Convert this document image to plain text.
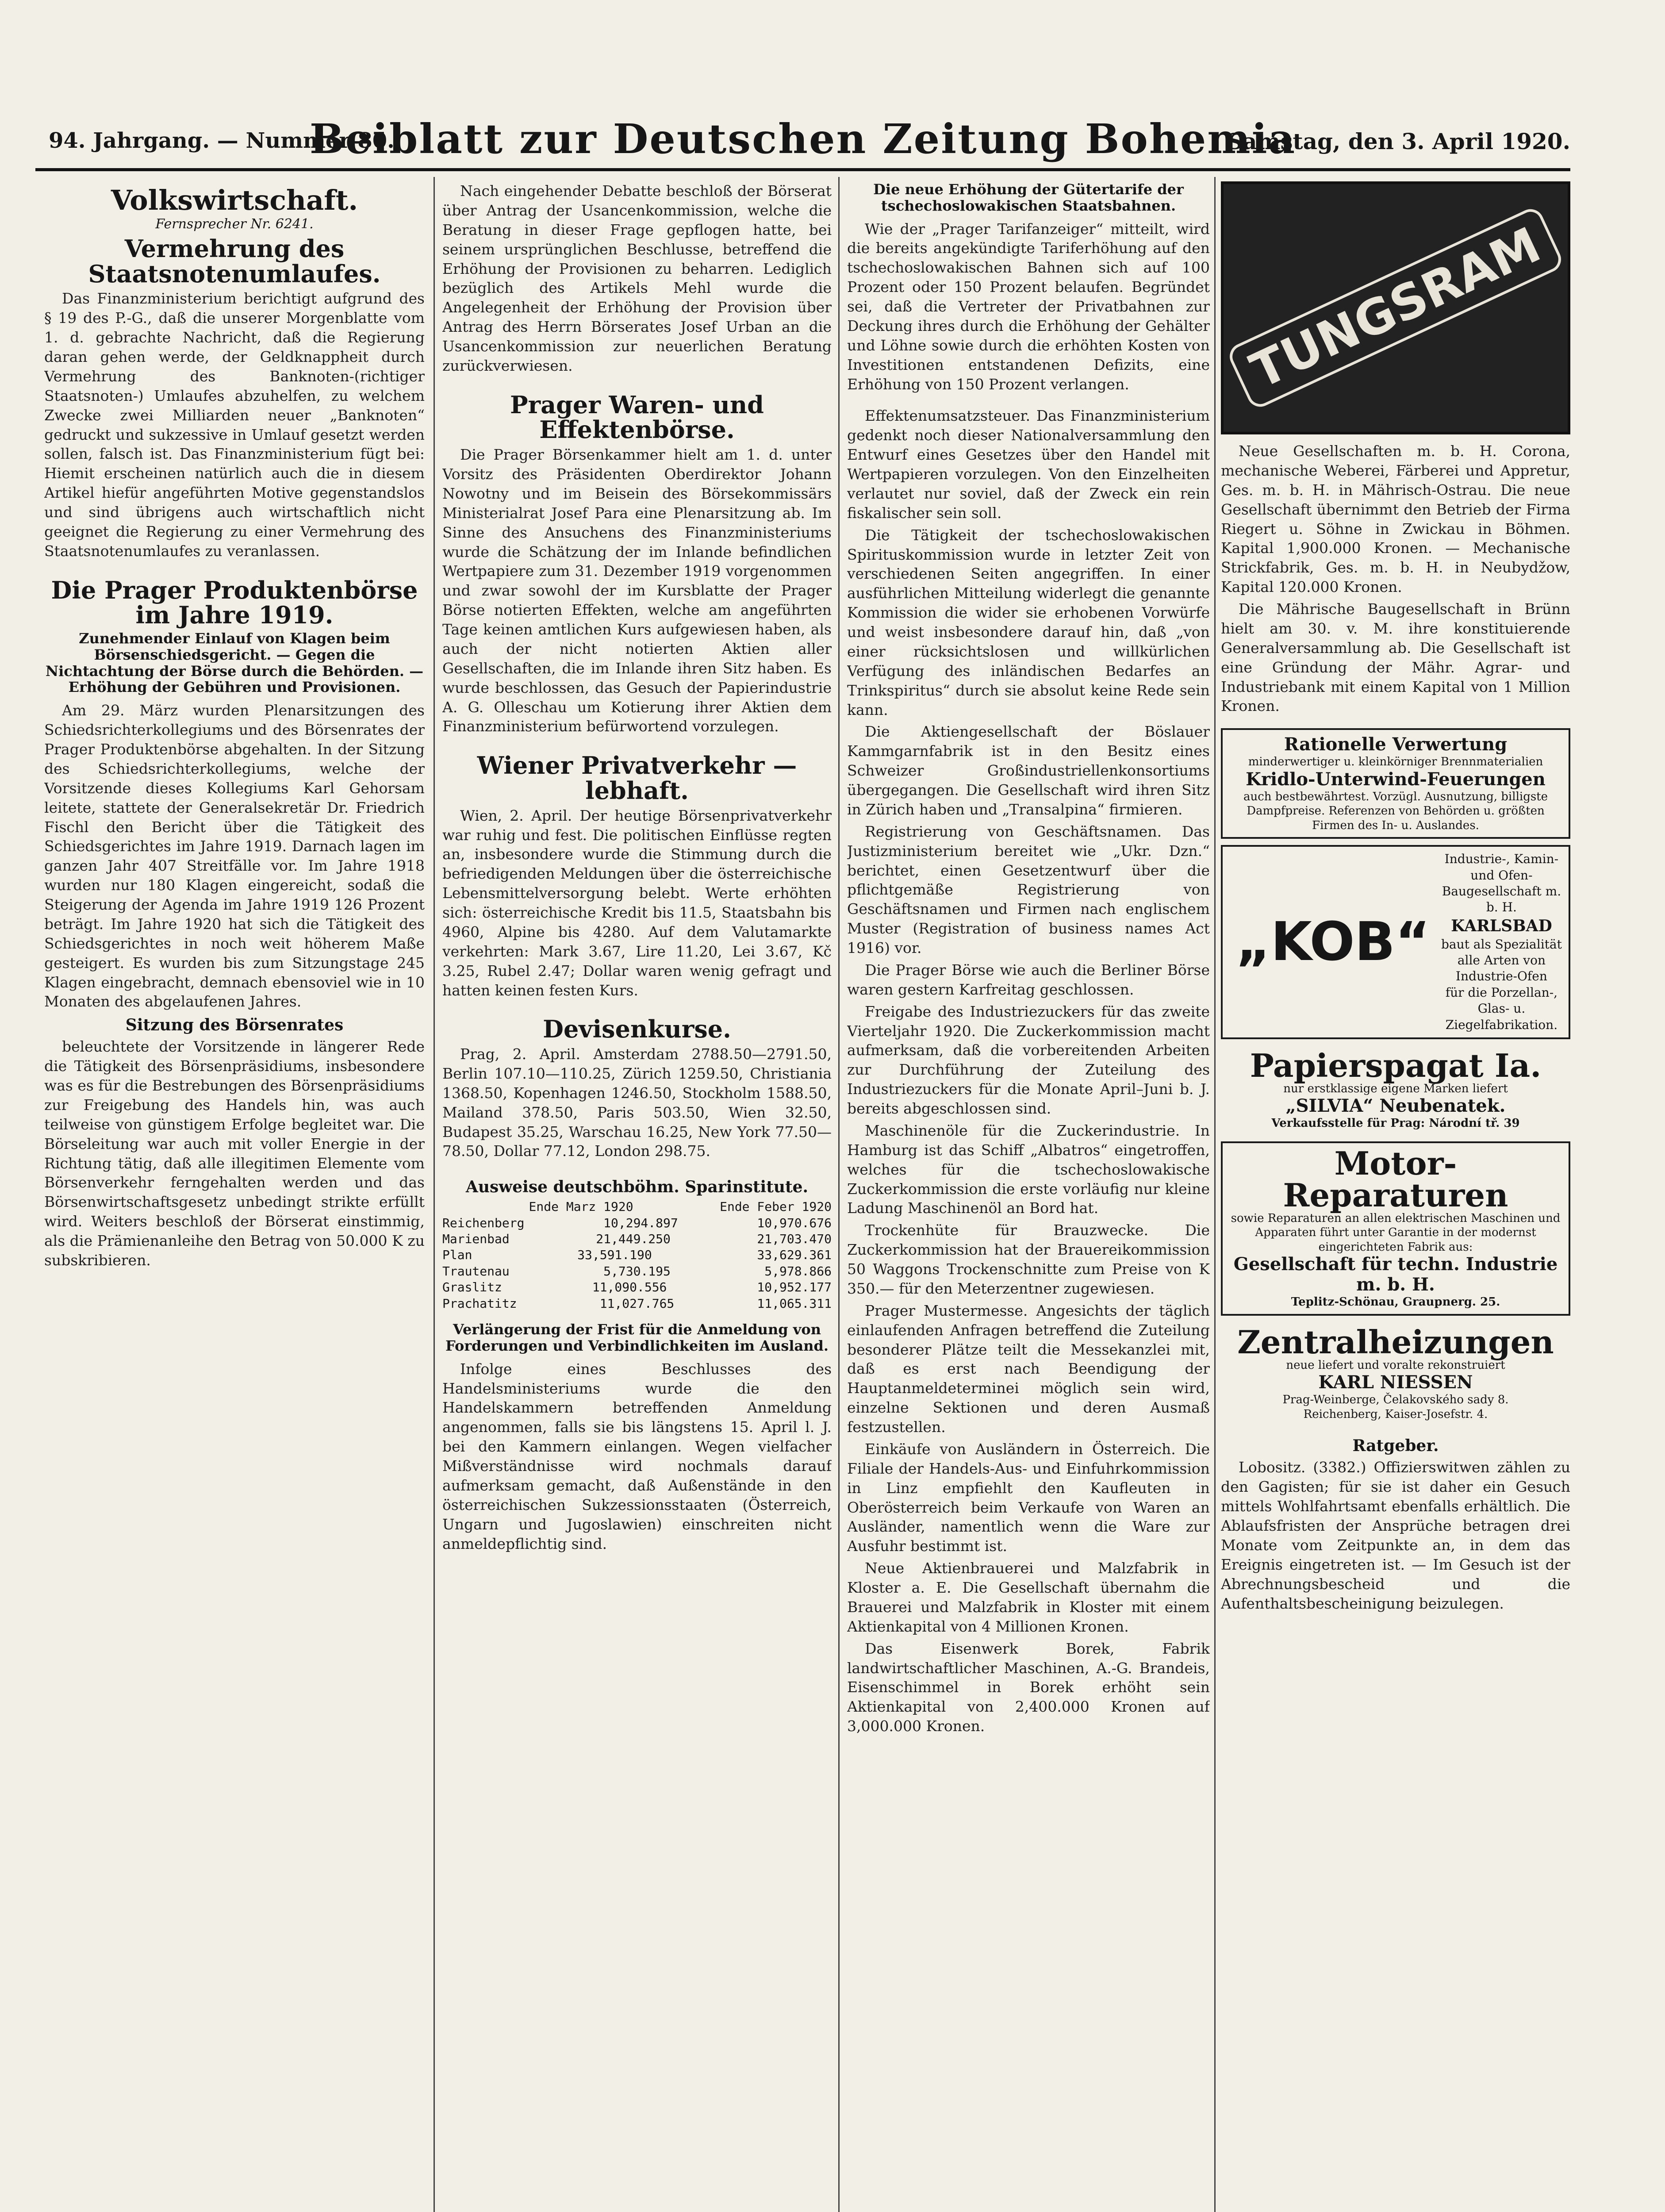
94. Jahrgang. — Nummer 80.
Beiblatt zur Deutschen Zeitung Bohemia
Samstag, den 3. April 1920.
Volkswirtschaft.
Fernsprecher Nr. 6241.
Vermehrung des Staatsnotenumlaufes.

Das Finanzministerium berichtigt aufgrund des § 19 des P.-G., daß die unserer Morgenblatte vom 1. d. gebrachte Nachricht, daß die Regierung daran gehen werde, der Geldknappheit durch Vermehrung des Banknoten-(richtiger Staatsnoten-) Umlaufes abzuhelfen, zu welchem Zwecke zwei Milliarden neuer „Banknoten“ gedruckt und sukzessive in Umlauf gesetzt werden sollen, falsch ist. Das Finanzministerium fügt bei: Hiemit erscheinen natürlich auch die in diesem Artikel hiefür angeführten Motive gegenstandslos und sind übrigens auch wirtschaftlich nicht geeignet die Regierung zu einer Vermehrung des Staatsnotenumlaufes zu veranlassen.

Die Prager Produktenbörse im Jahre 1919.
Zunehmender Einlauf von Klagen beim Börsenschiedsgericht. — Gegen die Nichtachtung der Börse durch die Behörden. — Erhöhung der Gebühren und Provisionen.

Am 29. März wurden Plenarsitzungen des Schiedsrichterkollegiums und des Börsenrates der Prager Produktenbörse abgehalten. In der Sitzung des Schiedsrichterkollegiums, welche der Vorsitzende dieses Kollegiums Karl Gehorsam leitete, stattete der Generalsekretär Dr. Friedrich Fischl den Bericht über die Tätigkeit des Schiedsgerichtes im Jahre 1919. Darnach lagen im ganzen Jahr 407 Streitfälle vor. Im Jahre 1918 wurden nur 180 Klagen eingereicht, sodaß die Steigerung der Agenda im Jahre 1919 126 Prozent beträgt. Im Jahre 1920 hat sich die Tätigkeit des Schiedsgerichtes in noch weit höherem Maße gesteigert. Es wurden bis zum Sitzungstage 245 Klagen eingebracht, demnach ebensoviel wie in 10 Monaten des abgelaufenen Jahres.

Sitzung des Börsenrates

beleuchtete der Vorsitzende in längerer Rede die Tätigkeit des Börsenpräsidiums, insbesondere was es für die Bestrebungen des Börsenpräsidiums zur Freigebung des Handels hin, was auch teilweise von günstigem Erfolge begleitet war. Die Börseleitung war auch mit voller Energie in der Richtung tätig, daß alle illegitimen Elemente vom Börsenverkehr ferngehalten werden und das Börsenwirtschaftsgesetz unbedingt strikte erfüllt wird. Weiters beschloß der Börserat einstimmig, als die Prämienanleihe den Betrag von 50.000 K zu subskribieren.

Nach eingehender Debatte beschloß der Börserat über Antrag der Usancenkommission, welche die Beratung in dieser Frage gepflogen hatte, bei seinem ursprünglichen Beschlusse, betreffend die Erhöhung der Provisionen zu beharren. Lediglich bezüglich des Artikels Mehl wurde die Angelegenheit der Erhöhung der Provision über Antrag des Herrn Börserates Josef Urban an die Usancenkommission zur neuerlichen Beratung zurückverwiesen.

Prager Waren- und Effektenbörse.

Die Prager Börsenkammer hielt am 1. d. unter Vorsitz des Präsidenten Oberdirektor Johann Nowotny und im Beisein des Börsekommissärs Ministerialrat Josef Para eine Plenarsitzung ab. Im Sinne des Ansuchens des Finanzministeriums wurde die Schätzung der im Inlande befindlichen Wertpapiere zum 31. Dezember 1919 vorgenommen und zwar sowohl der im Kursblatte der Prager Börse notierten Effekten, welche am angeführten Tage keinen amtlichen Kurs aufgewiesen haben, als auch der nicht notierten Aktien aller Gesellschaften, die im Inlande ihren Sitz haben. Es wurde beschlossen, das Gesuch der Papierindustrie A. G. Olleschau um Kotierung ihrer Aktien dem Finanzministerium befürwortend vorzulegen.

Wiener Privatverkehr — lebhaft.

Wien, 2. April. Der heutige Börsenprivatverkehr war ruhig und fest. Die politischen Einflüsse regten an, insbesondere wurde die Stimmung durch die befriedigenden Meldungen über die österreichische Lebensmittelversorgung belebt. Werte erhöhten sich: österreichische Kredit bis 11.5, Staatsbahn bis 4960, Alpine bis 4280. Auf dem Valutamarkte verkehrten: Mark 3.67, Lire 11.20, Lei 3.67, Kč 3.25, Rubel 2.47; Dollar waren wenig gefragt und hatten keinen festen Kurs.

Devisenkurse.

Prag, 2. April. Amsterdam 2788.50—2791.50, Berlin 107.10—110.25, Zürich 1259.50, Christiania 1368.50, Kopenhagen 1246.50, Stockholm 1588.50, Mailand 378.50, Paris 503.50, Wien 32.50, Budapest 35.25, Warschau 16.25, New York 77.50—78.50, Dollar 77.12, London 298.75.

Ausweise deutschböhm. Sparinstitute.
Ende Marz 1920	Ende Feber 1920
Reichenberg	10,294.897	10,970.676
Marienbad	21,449.250	21,703.470
Plan	33,591.190	33,629.361
Trautenau	5,730.195	5,978.866
Graslitz	11,090.556	10,952.177
Prachatitz	11,027.765	11,065.311
Verlängerung der Frist für die Anmeldung von Forderungen und Verbindlichkeiten im Ausland.

Infolge eines Beschlusses des Handelsministeriums wurde die den Handelskammern betreffenden Anmeldung angenommen, falls sie bis längstens 15. April l. J. bei den Kammern einlangen. Wegen vielfacher Mißverständnisse wird nochmals darauf aufmerksam gemacht, daß Außenstände in den österreichischen Sukzessionsstaaten (Österreich, Ungarn und Jugoslawien) einschreiten nicht anmeldepflichtig sind.

Die neue Erhöhung der Gütertarife der tschechoslowakischen Staatsbahnen.

Wie der „Prager Tarifanzeiger“ mitteilt, wird die bereits angekündigte Tariferhöhung auf den tschechoslowakischen Bahnen sich auf 100 Prozent oder 150 Prozent belaufen. Begründet sei, daß die Vertreter der Privatbahnen zur Deckung ihres durch die Erhöhung der Gehälter und Löhne sowie durch die erhöhten Kosten von Investitionen entstandenen Defizits, eine Erhöhung von 150 Prozent verlangen.

Effektenumsatzsteuer. Das Finanzministerium gedenkt noch dieser Nationalversammlung den Entwurf eines Gesetzes über den Handel mit Wertpapieren vorzulegen. Von den Einzelheiten verlautet nur soviel, daß der Zweck ein rein fiskalischer sein soll.

Die Tätigkeit der tschechoslowakischen Spirituskommission wurde in letzter Zeit von verschiedenen Seiten angegriffen. In einer ausführlichen Mitteilung widerlegt die genannte Kommission die wider sie erhobenen Vorwürfe und weist insbesondere darauf hin, daß „von einer rücksichtslosen und willkürlichen Verfügung des inländischen Bedarfes an Trinkspiritus“ durch sie absolut keine Rede sein kann.

Die Aktiengesellschaft der Böslauer Kammgarnfabrik ist in den Besitz eines Schweizer Großindustriellenkonsortiums übergegangen. Die Gesellschaft wird ihren Sitz in Zürich haben und „Transalpina“ firmieren.

Registrierung von Geschäftsnamen. Das Justizministerium bereitet wie „Ukr. Dzn.“ berichtet, einen Gesetzentwurf über die pflichtgemäße Registrierung von Geschäftsnamen und Firmen nach englischem Muster (Registration of business names Act 1916) vor.

Die Prager Börse wie auch die Berliner Börse waren gestern Karfreitag geschlossen.

Freigabe des Industriezuckers für das zweite Vierteljahr 1920. Die Zuckerkommission macht aufmerksam, daß die vorbereitenden Arbeiten zur Durchführung der Zuteilung des Industriezuckers für die Monate April–Juni b. J. bereits abgeschlossen sind.

Maschinenöle für die Zuckerindustrie. In Hamburg ist das Schiff „Albatros“ eingetroffen, welches für die tschechoslowakische Zuckerkommission die erste vorläufig nur kleine Ladung Maschinenöl an Bord hat.

Trockenhüte für Brauzwecke. Die Zuckerkommission hat der Brauereikommission 50 Waggons Trockenschnitte zum Preise von K 350.— für den Meterzentner zugewiesen.

Prager Mustermesse. Angesichts der täglich einlaufenden Anfragen betreffend die Zuteilung besonderer Plätze teilt die Messekanzlei mit, daß es erst nach Beendigung der Hauptanmeldeterminei möglich sein wird, einzelne Sektionen und deren Ausmaß festzustellen.

Einkäufe von Ausländern in Österreich. Die Filiale der Handels-Aus- und Einfuhrkommission in Linz empfiehlt den Kaufleuten in Oberösterreich beim Verkaufe von Waren an Ausländer, namentlich wenn die Ware zur Ausfuhr bestimmt ist.

Neue Aktienbrauerei und Malzfabrik in Kloster a. E. Die Gesellschaft übernahm die Brauerei und Malzfabrik in Kloster mit einem Aktienkapital von 4 Millionen Kronen.

Das Eisenwerk Borek, Fabrik landwirtschaftlicher Maschinen, A.-G. Brandeis, Eisenschimmel in Borek erhöht sein Aktienkapital von 2,400.000 Kronen auf 3,000.000 Kronen.

TUNGSRAM

Neue Gesellschaften m. b. H. Corona, mechanische Weberei, Färberei und Appretur, Ges. m. b. H. in Mährisch-Ostrau. Die neue Gesellschaft übernimmt den Betrieb der Firma Riegert u. Söhne in Zwickau in Böhmen. Kapital 1,900.000 Kronen. — Mechanische Strickfabrik, Ges. m. b. H. in Neubydžow, Kapital 120.000 Kronen.

Die Mährische Baugesellschaft in Brünn hielt am 30. v. M. ihre konstituierende Generalversammlung ab. Die Gesellschaft ist eine Gründung der Mähr. Agrar- und Industriebank mit einem Kapital von 1 Million Kronen.

Rationelle Verwertung
minderwertiger u. kleinkörniger Brennmaterialien
Kridlo-Unterwind-Feuerungen
auch bestbewährtest. Vorzügl. Ausnutzung, billigste Dampfpreise. Referenzen von Behörden u. größten Firmen des In- u. Auslandes.
„KOB“
Industrie-, Kamin- und Ofen-Baugesellschaft m. b. H.
KARLSBAD
baut als Spezialität alle Arten von Industrie-Ofen
für die Porzellan-, Glas- u. Ziegelfabrikation.
Papierspagat Ia.
nur erstklassige eigene Marken liefert
„SILVIA“ Neubenatek.
Verkaufsstelle für Prag: Národní tř. 39
Motor-Reparaturen
sowie Reparaturen an allen elektrischen Maschinen und Apparaten führt unter Garantie in der modernst eingerichteten Fabrik aus:
Gesellschaft für techn. Industrie m. b. H.
Teplitz-Schönau, Graupnerg. 25.
Zentralheizungen
neue liefert und voralte rekonstruiert
KARL NIESSEN
Prag-Weinberge, Čelakovského sady 8.
Reichenberg, Kaiser-Josefstr. 4.
Ratgeber.

Lobositz. (3382.) Offizierswitwen zählen zu den Gagisten; für sie ist daher ein Gesuch mittels Wohlfahrtsamt ebenfalls erhältlich. Die Ablaufsfristen der Ansprüche betragen drei Monate vom Zeitpunkte an, in dem das Ereignis eingetreten ist. — Im Gesuch ist der Abrechnungsbescheid und die Aufenthaltsbescheinigung beizulegen.
